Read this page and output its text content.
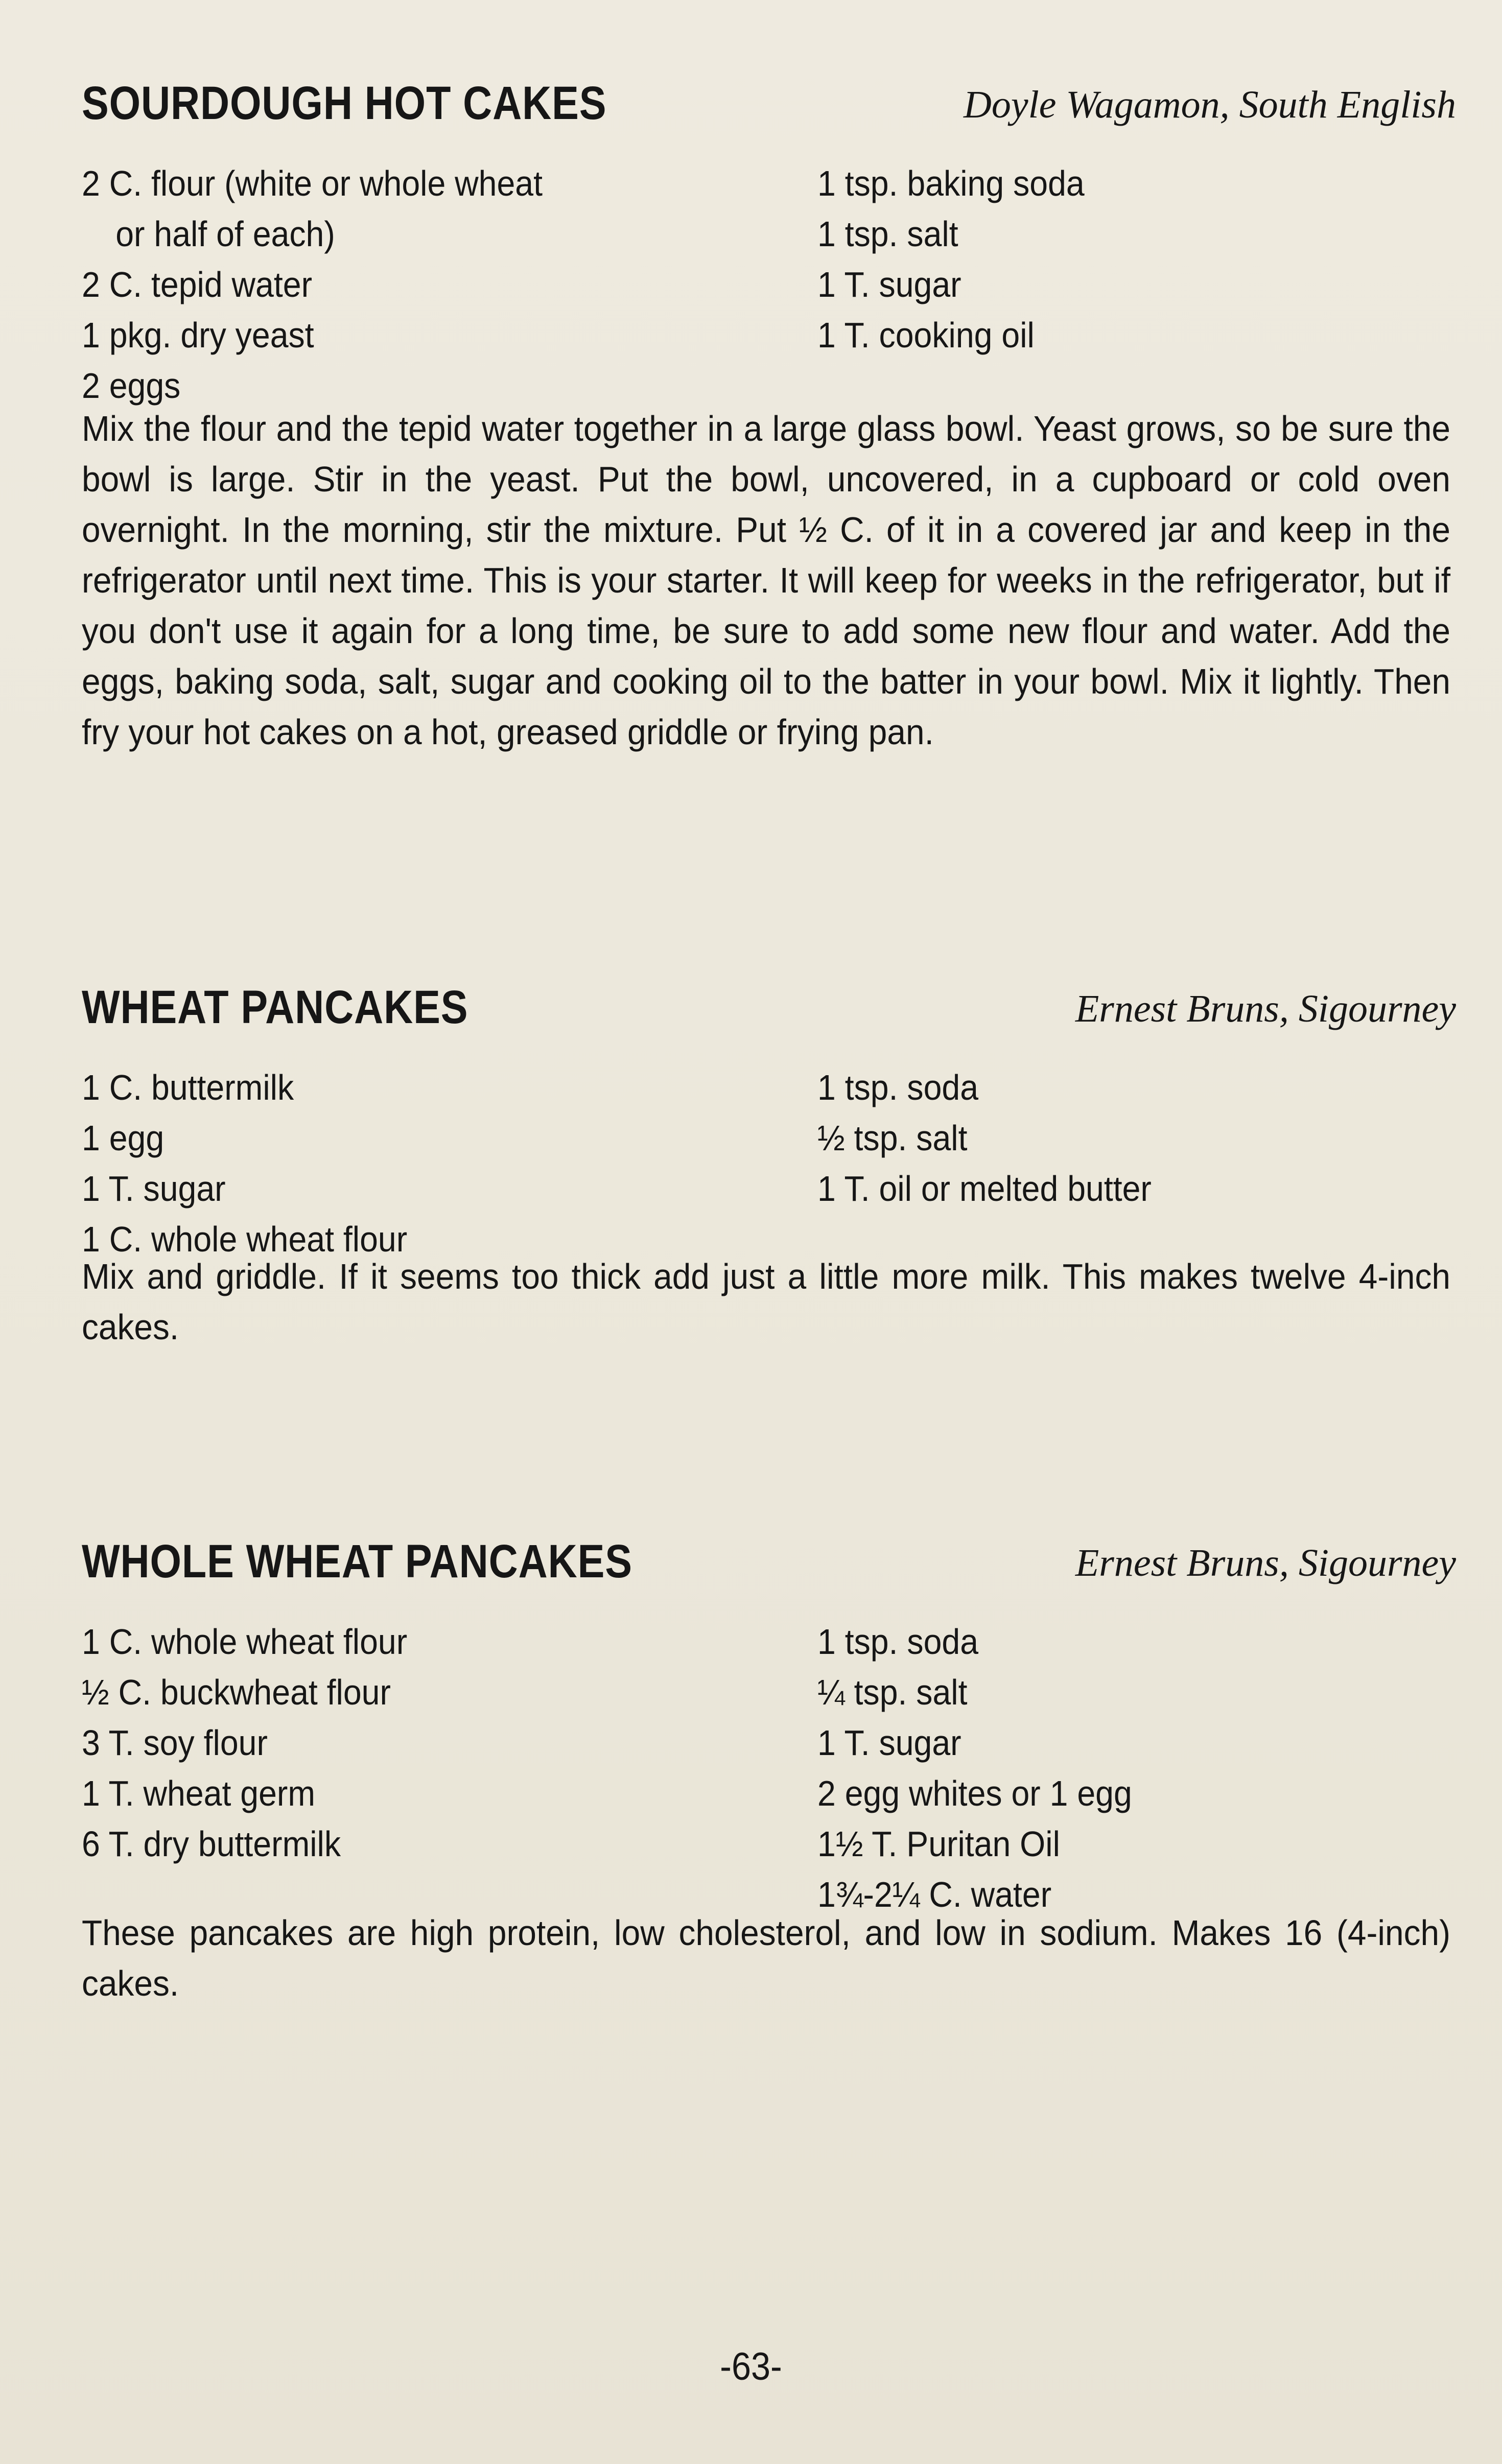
SOURDOUGH HOT CAKES	Doyle Wagamon, South English
2 C. flour (white or whole wheat
or half of each)
2 C. tepid water
1 pkg. dry yeast
2 eggs
1 tsp. baking soda
1 tsp. salt
1 T. sugar
1 T. cooking oil

Mix the flour and the tepid water together in a large glass bowl. Yeast grows, so be sure the bowl is large. Stir in the yeast. Put the bowl, uncovered, in a cupboard or cold oven overnight. In the morning, stir the mixture. Put ½ C. of it in a covered jar and keep in the refrigerator until next time. This is your starter. It will keep for weeks in the refrigerator, but if you don't use it again for a long time, be sure to add some new flour and water. Add the eggs, baking soda, salt, sugar and cooking oil to the batter in your bowl. Mix it lightly. Then fry your hot cakes on a hot, greased griddle or frying pan.

WHEAT PANCAKES	Ernest Bruns, Sigourney
1 C. buttermilk
1 egg
1 T. sugar
1 C. whole wheat flour
1 tsp. soda
½ tsp. salt
1 T. oil or melted butter

Mix and griddle. If it seems too thick add just a little more milk. This makes twelve 4-inch cakes.

WHOLE WHEAT PANCAKES	Ernest Bruns, Sigourney
1 C. whole wheat flour
½ C. buckwheat flour
3 T. soy flour
1 T. wheat germ
6 T. dry buttermilk
1 tsp. soda
¼ tsp. salt
1 T. sugar
2 egg whites or 1 egg
1½ T. Puritan Oil
1¾-2¼ C. water

These pancakes are high protein, low cholesterol, and low in sodium. Makes 16 (4-inch) cakes.

-63-
